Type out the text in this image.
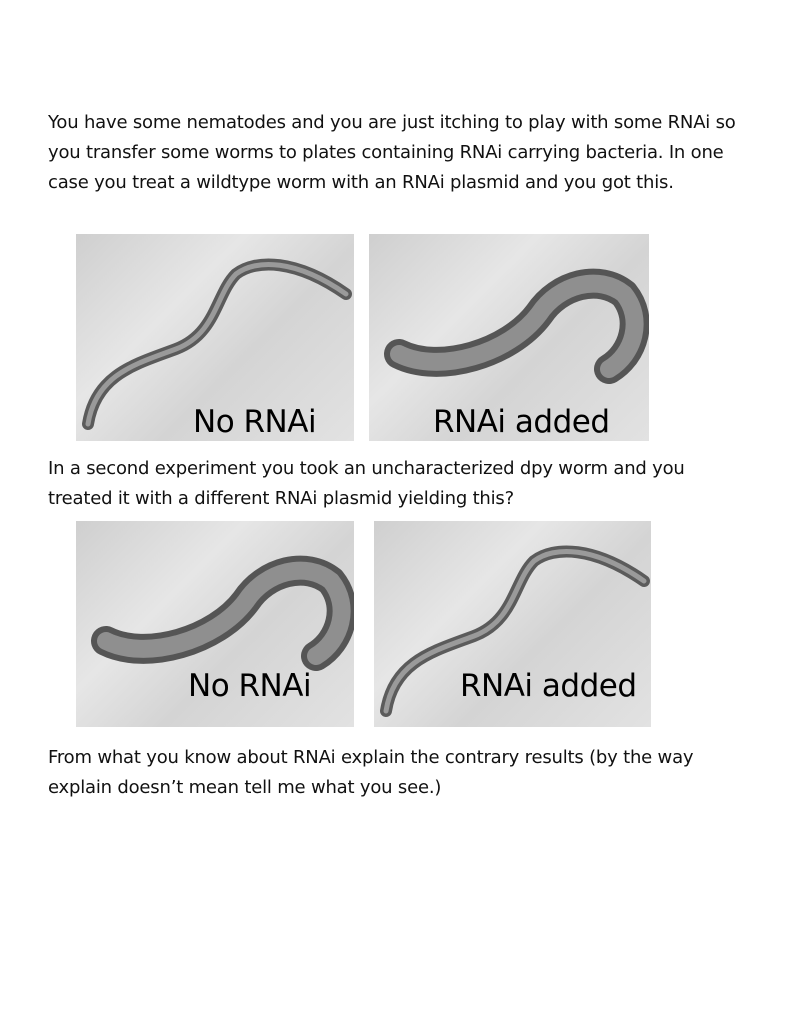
You have some nematodes and you are just itching to play with some RNAi so you transfer some worms to plates containing RNAi carrying bacteria. In one case you treat a wildtype worm with an RNAi plasmid and you got this.
No RNAi	RNAi added
In a second experiment you took an uncharacterized dpy worm and you treated it with a different RNAi plasmid yielding this?
No RNAi	RNAi added
From what you know about RNAi explain the contrary results (by the way explain doesn’t mean tell me what you see.)
